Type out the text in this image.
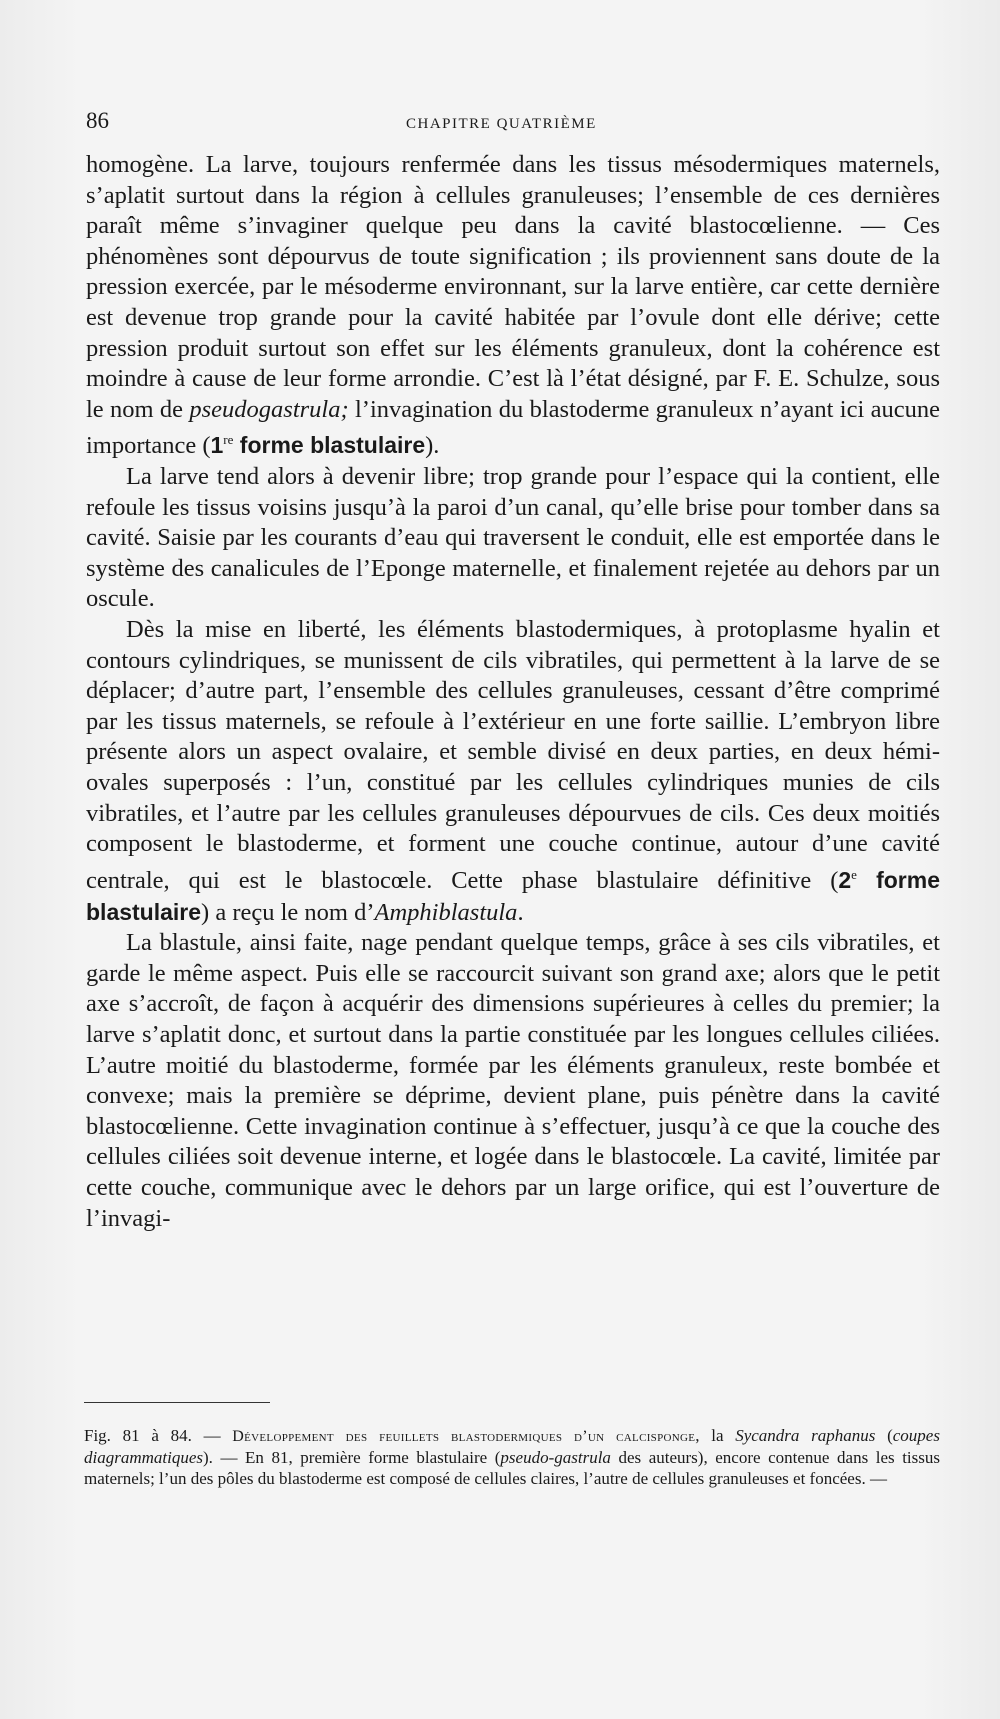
86	CHAPITRE QUATRIÈME

homogène. La larve, toujours renfermée dans les tissus mésodermiques maternels, s’aplatit surtout dans la région à cellules granuleuses; l’ensemble de ces dernières paraît même s’invaginer quelque peu dans la cavité blastocœlienne. — Ces phénomènes sont dépourvus de toute signification ; ils proviennent sans doute de la pression exercée, par le mésoderme environnant, sur la larve entière, car cette dernière est devenue trop grande pour la cavité habitée par l’ovule dont elle dérive; cette pression produit surtout son effet sur les éléments granuleux, dont la cohérence est moindre à cause de leur forme arrondie. C’est là l’état désigné, par F. E. Schulze, sous le nom de pseudogastrula; l’invagination du blastoderme granuleux n’ayant ici aucune importance (1re forme blastulaire).

La larve tend alors à devenir libre; trop grande pour l’espace qui la contient, elle refoule les tissus voisins jusqu’à la paroi d’un canal, qu’elle brise pour tomber dans sa cavité. Saisie par les courants d’eau qui traversent le conduit, elle est emportée dans le système des canalicules de l’Eponge maternelle, et finalement rejetée au dehors par un oscule.

Dès la mise en liberté, les éléments blastodermiques, à protoplasme hyalin et contours cylindriques, se munissent de cils vibratiles, qui permettent à la larve de se déplacer; d’autre part, l’ensemble des cellules granuleuses, cessant d’être comprimé par les tissus maternels, se refoule à l’extérieur en une forte saillie. L’embryon libre présente alors un aspect ovalaire, et semble divisé en deux parties, en deux hémi-ovales superposés : l’un, constitué par les cellules cylindriques munies de cils vibratiles, et l’autre par les cellules granuleuses dépourvues de cils. Ces deux moitiés composent le blastoderme, et forment une couche continue, autour d’une cavité centrale, qui est le blastocœle. Cette phase blastulaire définitive (2e forme blastulaire) a reçu le nom d’Amphiblastula.

La blastule, ainsi faite, nage pendant quelque temps, grâce à ses cils vibratiles, et garde le même aspect. Puis elle se raccourcit suivant son grand axe; alors que le petit axe s’accroît, de façon à acquérir des dimensions supérieures à celles du premier; la larve s’aplatit donc, et surtout dans la partie constituée par les longues cellules ciliées. L’autre moitié du blastoderme, formée par les éléments granuleux, reste bombée et convexe; mais la première se déprime, devient plane, puis pénètre dans la cavité blastocœlienne. Cette invagination continue à s’effectuer, jusqu’à ce que la couche des cellules ciliées soit devenue interne, et logée dans le blastocœle. La cavité, limitée par cette couche, communique avec le dehors par un large orifice, qui est l’ouverture de l’invagi-

Fig. 81 à 84. — Développement des feuillets blastodermiques d’un calcisponge, la Sycandra raphanus (coupes diagrammatiques). — En 81, première forme blastulaire (pseudo-gastrula des auteurs), encore contenue dans les tissus maternels; l’un des pôles du blastoderme est composé de cellules claires, l’autre de cellules granuleuses et foncées. —
